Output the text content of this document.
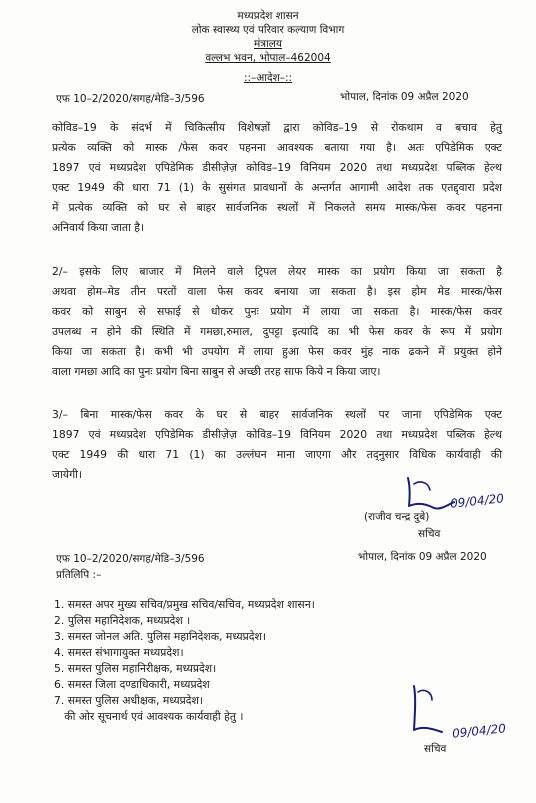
मध्यप्रदेश शासन
लोक स्वास्थ्य एवं परिवार कल्याण विभाग
मंत्रालय
वल्लभ भवन, भोपाल–462004
::–आदेश–::
एफ 10–2/2020/सगह/मेडि–3/596	भोपाल, दिनांक 09 अप्रैल 2020
कोविड–19 के संदर्भ में चिकित्सीय विशेषज्ञों द्वारा कोविड–19 से रोकथाम व बचाव हेतु
प्रत्येक व्यक्ति को मास्क /फेस कवर पहनना आवश्यक बताया गया है। अतः एपिडेमिक एक्ट
1897 एवं मध्यप्रदेश एपिडेमिक डीसीज़ेज़ कोविड–19 विनियम 2020 तथा मध्यप्रदेश पब्लिक हेल्थ
एक्ट 1949 की धारा 71 (1) के सुसंगत प्रावधानों के अन्तर्गत आगामी आदेश तक एतद्द्वारा प्रदेश
में प्रत्येक व्यक्ति को घर से बाहर सार्वजनिक स्थलों में निकलते समय मास्क/फेस कवर पहनना
अनिवार्य किया जाता है।
2/– इसके लिए बाजार में मिलने वाले ट्रिपल लेयर मास्क का प्रयोग किया जा सकता है
अथवा होम–मेड तीन परतों वाला फेस कवर बनाया जा सकता है। इस होम मेड मास्क/फेस
कवर को साबुन से सफाई से धोकर पुनः प्रयोग में लाया जा सकता है। मास्क/फेस कवर
उपलब्ध न होने की स्थिति में गमछा,रुमाल, दुपट्टा इत्यादि का भी फेस कवर के रूप में प्रयोग
किया जा सकता है। कभी भी उपयोग में लाया हुआ फेस कवर मुंह नाक ढकने में प्रयुक्त होने
वाला गमछा आदि का पुनः प्रयोग बिना साबुन से अच्छी तरह साफ किये न किया जाए।
3/– बिना मास्क/फेस कवर के घर से बाहर सार्वजनिक स्थलों पर जाना एपिडेमिक एक्ट
1897 एवं मध्यप्रदेश एपिडेमिक डीसीज़ेज़ कोविड–19 विनियम 2020 तथा मध्यप्रदेश पब्लिक हेल्थ
एक्ट 1949 की धारा 71 (1) का उल्लंघन माना जाएगा और तद्नुसार विधिक कार्यवाही की
जायेगी।
09/04/20
(राजीव चन्द्र दुबे)
सचिव
एफ 10–2/2020/सगह/मेडि–3/596	भोपाल, दिनांक 09 अप्रैल 2020
प्रतिलिपि :–
1. समस्त अपर मुख्य सचिव/प्रमुख सचिव/सचिव, मध्यप्रदेश शासन।
2. पुलिस महानिदेशक, मध्यप्रदेश ।
3. समस्त जोनल अति. पुलिस महानिदेशक, मध्यप्रदेश।
4. समस्त संभागायुक्त मध्यप्रदेश।
5. समस्त पुलिस महानिरीक्षक, मध्यप्रदेश।
6. समस्त जिला दण्डाधिकारी, मध्यप्रदेश
7. समस्त पुलिस अधीक्षक, मध्यप्रदेश।
की ओर सूचनार्थ एवं आवश्यक कार्यवाही हेतु ।
09/04/20
सचिव
